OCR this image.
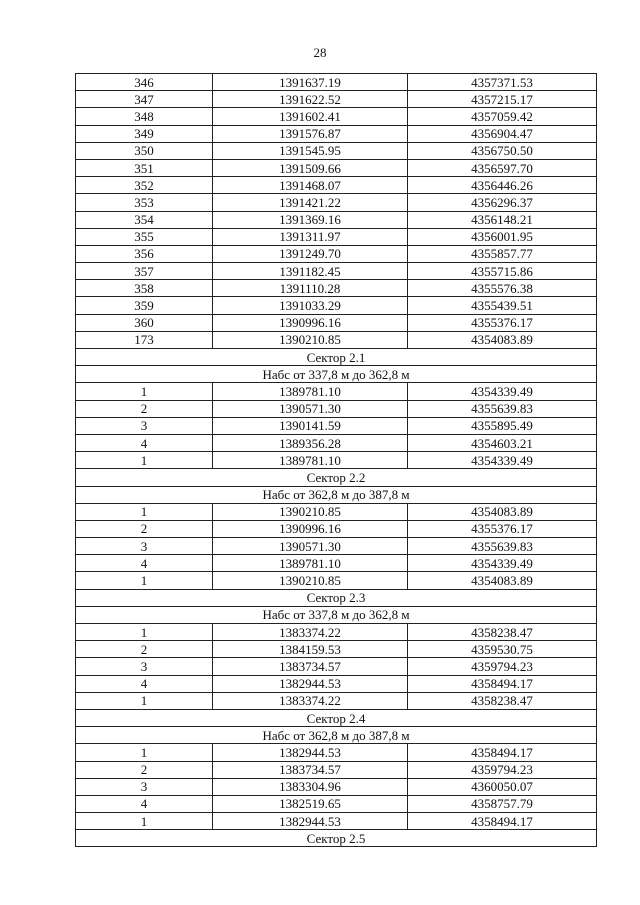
28
346	1391637.19	4357371.53
347	1391622.52	4357215.17
348	1391602.41	4357059.42
349	1391576.87	4356904.47
350	1391545.95	4356750.50
351	1391509.66	4356597.70
352	1391468.07	4356446.26
353	1391421.22	4356296.37
354	1391369.16	4356148.21
355	1391311.97	4356001.95
356	1391249.70	4355857.77
357	1391182.45	4355715.86
358	1391110.28	4355576.38
359	1391033.29	4355439.51
360	1390996.16	4355376.17
173	1390210.85	4354083.89
Сектор 2.1		
Набс от 337,8 м до 362,8 м		
1	1389781.10	4354339.49
2	1390571.30	4355639.83
3	1390141.59	4355895.49
4	1389356.28	4354603.21
1	1389781.10	4354339.49
Сектор 2.2		
Набс от 362,8 м до 387,8 м		
1	1390210.85	4354083.89
2	1390996.16	4355376.17
3	1390571.30	4355639.83
4	1389781.10	4354339.49
1	1390210.85	4354083.89
Сектор 2.3		
Набс от 337,8 м до 362,8 м		
1	1383374.22	4358238.47
2	1384159.53	4359530.75
3	1383734.57	4359794.23
4	1382944.53	4358494.17
1	1383374.22	4358238.47
Сектор 2.4		
Набс от 362,8 м до 387,8 м		
1	1382944.53	4358494.17
2	1383734.57	4359794.23
3	1383304.96	4360050.07
4	1382519.65	4358757.79
1	1382944.53	4358494.17
Сектор 2.5		
